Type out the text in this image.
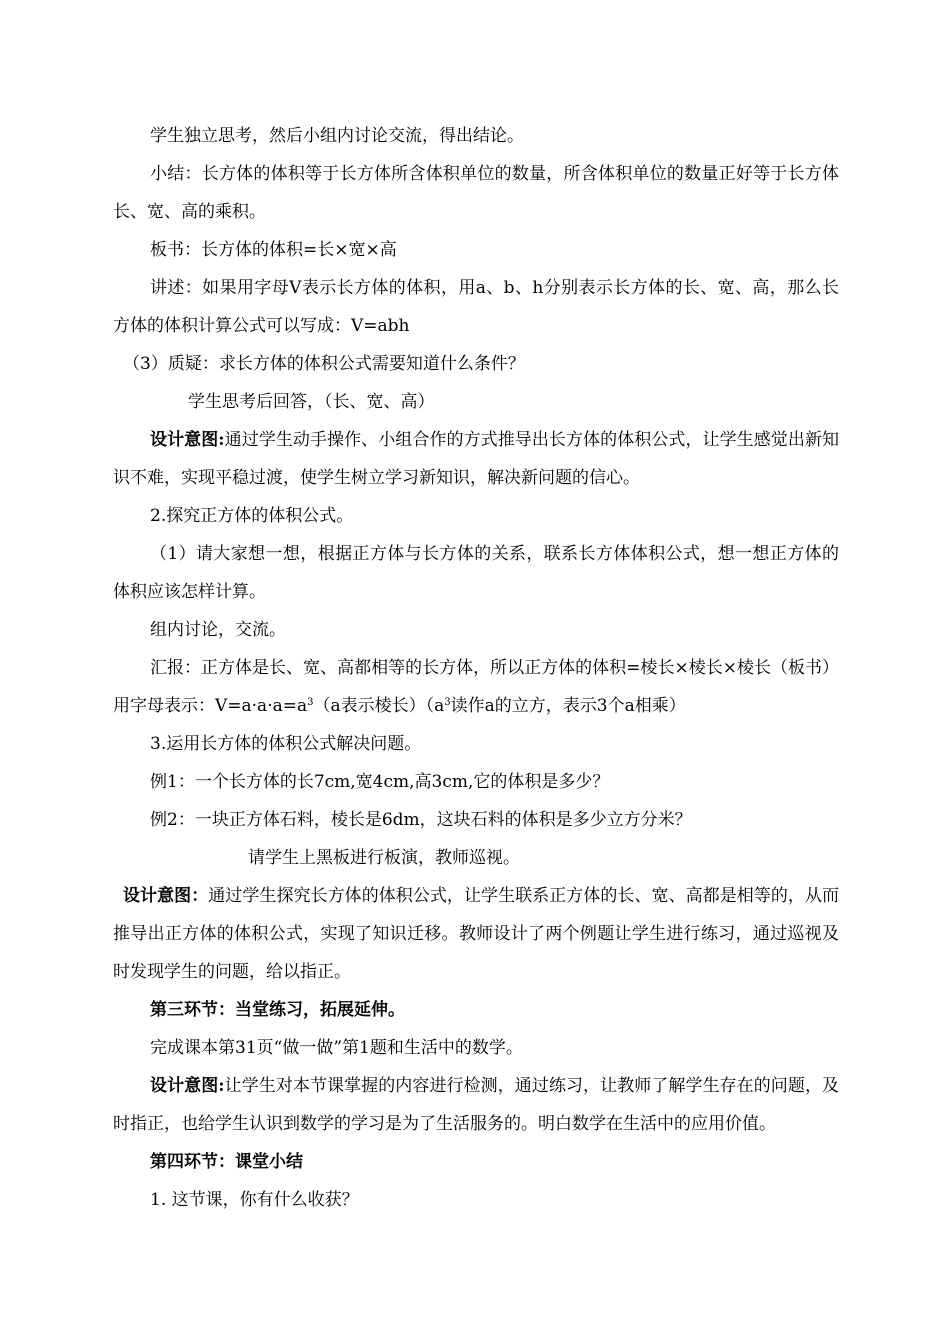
学生独立思考，然后小组内讨论交流，得出结论。

小结：长方体的体积等于长方体所含体积单位的数量，所含体积单位的数量正好等于长方体长、宽、高的乘积。

板书：长方体的体积=长×宽×高

讲述：如果用字母V表示长方体的体积，用a、b、h分别表示长方体的长、宽、高，那么长方体的体积计算公式可以写成：V=abh

（3）质疑：求长方体的体积公式需要知道什么条件？

学生思考后回答，（长、宽、高）

设计意图:通过学生动手操作、小组合作的方式推导出长方体的体积公式，让学生感觉出新知识不难，实现平稳过渡，使学生树立学习新知识，解决新问题的信心。

2.探究正方体的体积公式。

（1）请大家想一想，根据正方体与长方体的关系，联系长方体体积公式，想一想正方体的体积应该怎样计算。

组内讨论，交流。

汇报：正方体是长、宽、高都相等的长方体，所以正方体的体积=棱长×棱长×棱长（板书）用字母表示：$V=a\cdot a\cdot a=a^3(a$表示棱长）（$a^3$读作a的立方，表示3个a相乘）

3.运用长方体的体积公式解决问题。

例1：一个长方体的长7cm,宽4cm,高3cm,它的体积是多少？

例2：一块正方体石料，棱长是6dm，这块石料的体积是多少立方分米？

请学生上黑板进行板演，教师巡视。

设计意图：通过学生探究长方体的体积公式，让学生联系正方体的长、宽、高都是相等的，从而推导出正方体的体积公式，实现了知识迁移。教师设计了两个例题让学生进行练习，通过巡视及时发现学生的问题，给以指正。

第三环节：当堂练习，拓展延伸。

完成课本第31页“做一做”第1题和生活中的数学。

设计意图:让学生对本节课掌握的内容进行检测，通过练习，让教师了解学生存在的问题，及时指正，也给学生认识到数学的学习是为了生活服务的。明白数学在生活中的应用价值。

第四环节：课堂小结

1. 这节课，你有什么收获？
